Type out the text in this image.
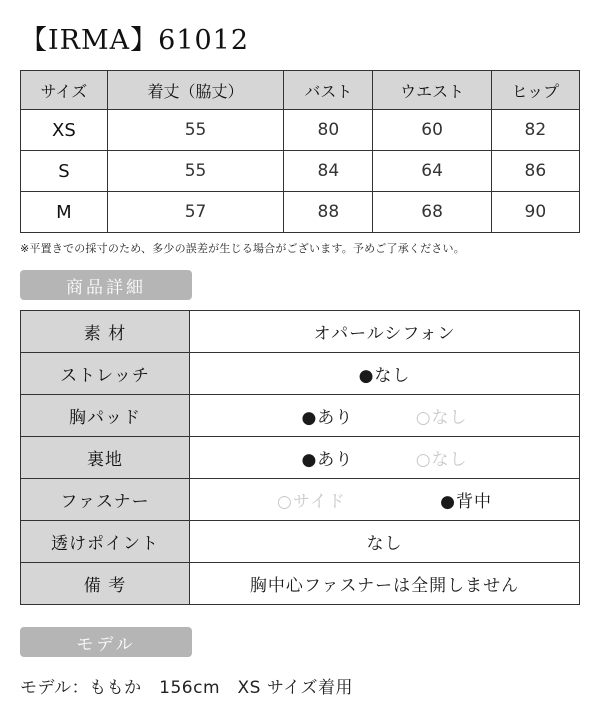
【IRMA】61012
サイズ	着丈（脇丈）	バスト	ウエスト	ヒップ
XS	55	80	60	82
S	55	84	64	86
M	57	88	68	90
※平置きでの採寸のため、多少の誤差が生じる場合がございます。予めご了承ください。
商品詳細
素 材	オパールシフォン
ストレッチ	●なし
胸パッド	●あり ○なし
裏地	●あり ○なし
ファスナー	○サイド ●背中
透けポイント	なし
備 考	胸中心ファスナーは全開しません
モデル
モデル：ももか　156cm　XS サイズ着用
